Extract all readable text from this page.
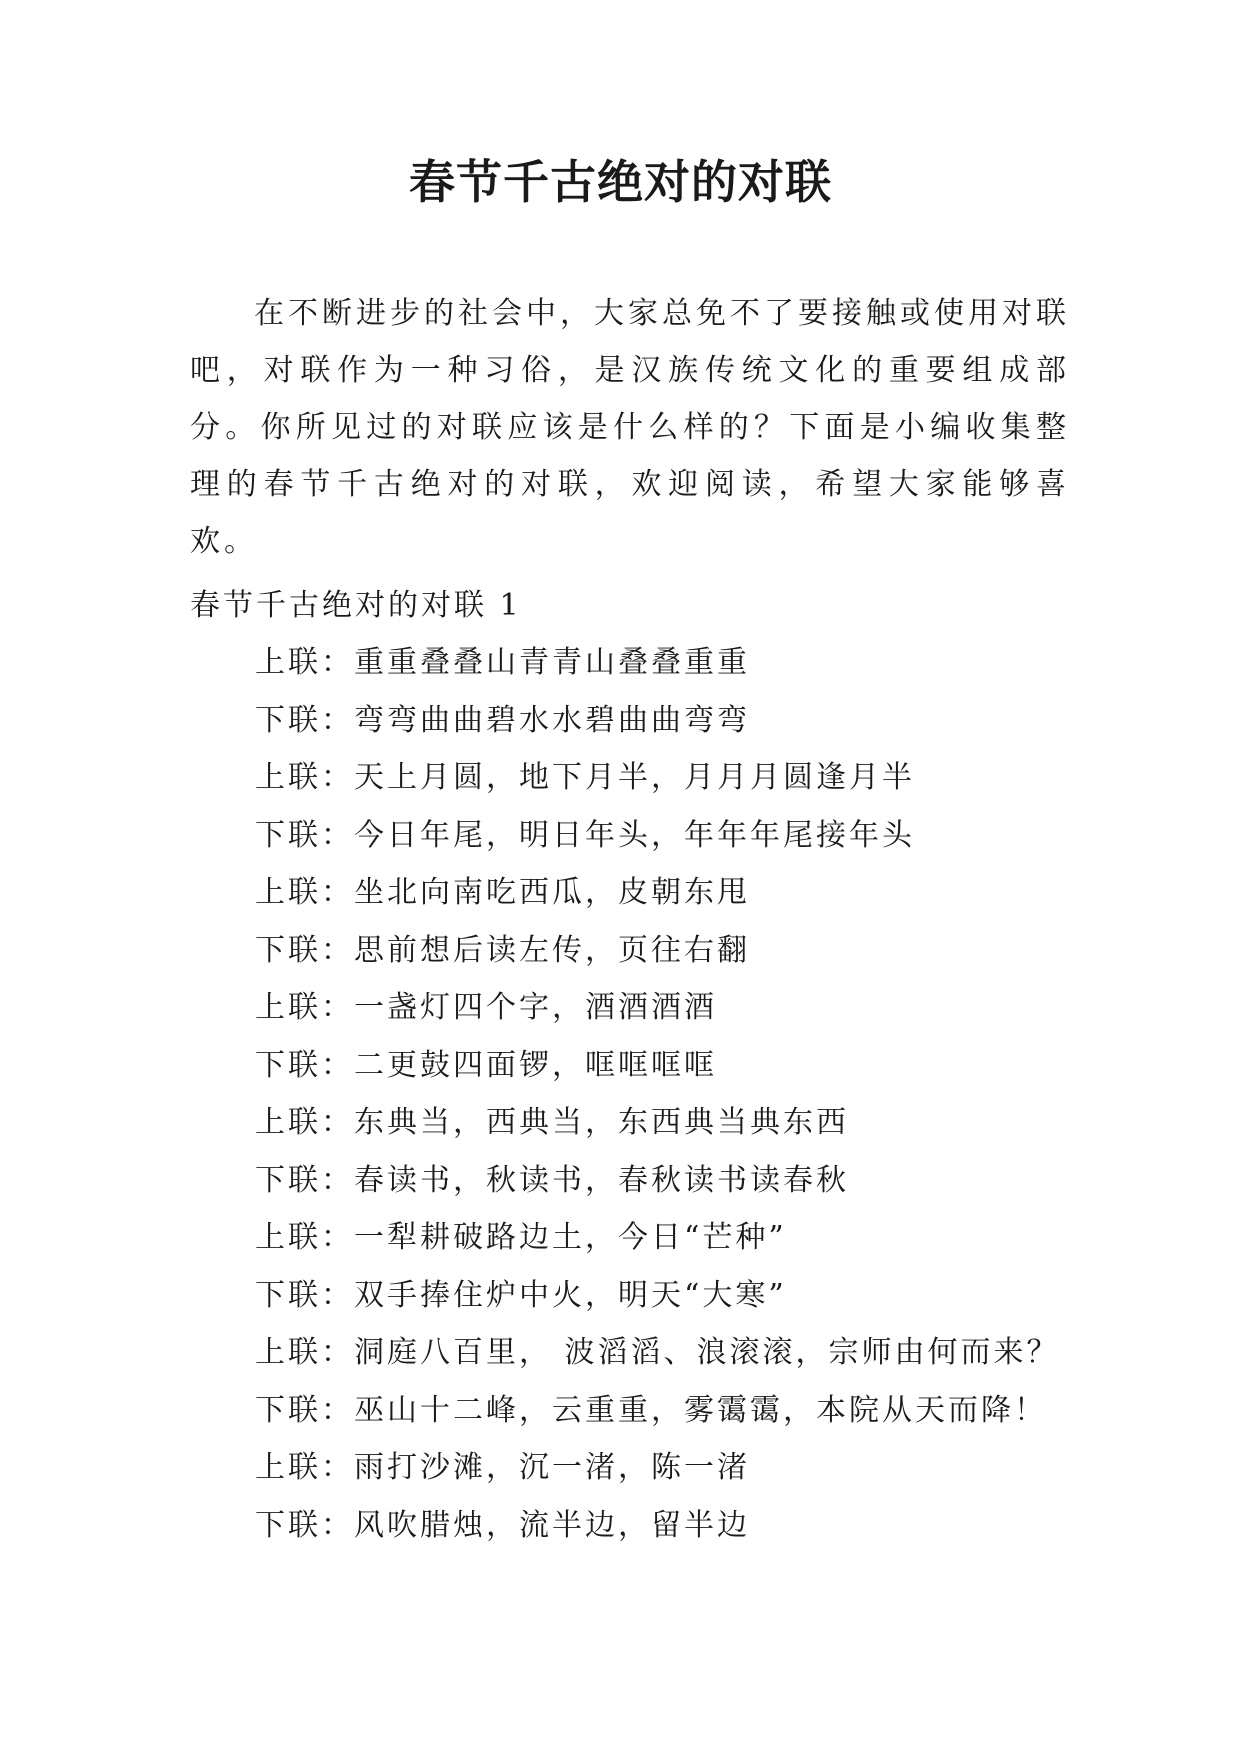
春节千古绝对的对联

在不断进步的社会中，大家总免不了要接触或使用对联吧，对联作为一种习俗，是汉族传统文化的重要组成部分。你所见过的对联应该是什么样的？下面是小编收集整理的春节千古绝对的对联，欢迎阅读，希望大家能够喜欢。

春节千古绝对的对联 1
上联：重重叠叠山青青山叠叠重重
下联：弯弯曲曲碧水水碧曲曲弯弯
上联：天上月圆，地下月半，月月月圆逢月半
下联：今日年尾，明日年头，年年年尾接年头
上联：坐北向南吃西瓜，皮朝东甩
下联：思前想后读左传，页往右翻
上联：一盏灯四个字，酒酒酒酒
下联：二更鼓四面锣，哐哐哐哐
上联：东典当，西典当，东西典当典东西
下联：春读书，秋读书，春秋读书读春秋
上联：一犁耕破路边土，今日“芒种”
下联：双手捧住炉中火，明天“大寒”
上联：洞庭八百里， 波滔滔、浪滚滚，宗师由何而来？
下联：巫山十二峰，云重重，雾霭霭，本院从天而降！
上联：雨打沙滩，沉一渚，陈一渚
下联：风吹腊烛，流半边，留半边
